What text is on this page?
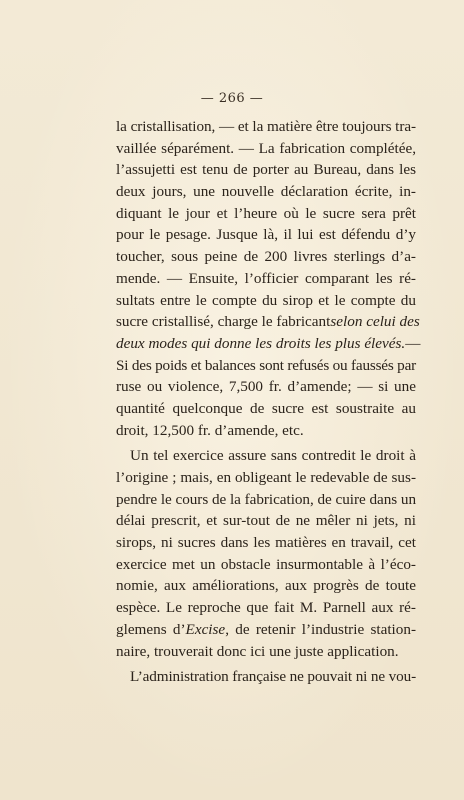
— 266 —
la cristallisation, — et la matière être toujours tra-
vaillée séparément. — La fabrication complétée,
l’assujetti est tenu de porter au Bureau, dans les
deux jours, une nouvelle déclaration écrite, in-
diquant le jour et l’heure où le sucre sera prêt
pour le pesage. Jusque là, il lui est défendu d’y
toucher, sous peine de 200 livres sterlings d’a-
mende. — Ensuite, l’officier comparant les ré-
sultats entre le compte du sirop et le compte du
sucre cristallisé, charge le fabricant selon celui des
deux modes qui donne les droits les plus élevés. —
Si des poids et balances sont refusés ou faussés par
ruse ou violence, 7,500 fr. d’amende; — si une
quantité quelconque de sucre est soustraite au
droit, 12,500 fr. d’amende, etc.
Un tel exercice assure sans contredit le droit à
l’origine ; mais, en obligeant le redevable de sus-
pendre le cours de la fabrication, de cuire dans un
délai prescrit, et sur-tout de ne mêler ni jets, ni
sirops, ni sucres dans les matières en travail, cet
exercice met un obstacle insurmontable à l’éco-
nomie, aux améliorations, aux progrès de toute
espèce. Le reproche que fait M. Parnell aux ré-
glemens d’Excise, de retenir l’industrie station-
naire, trouverait donc ici une juste application.
L’administration française ne pouvait ni ne vou-
